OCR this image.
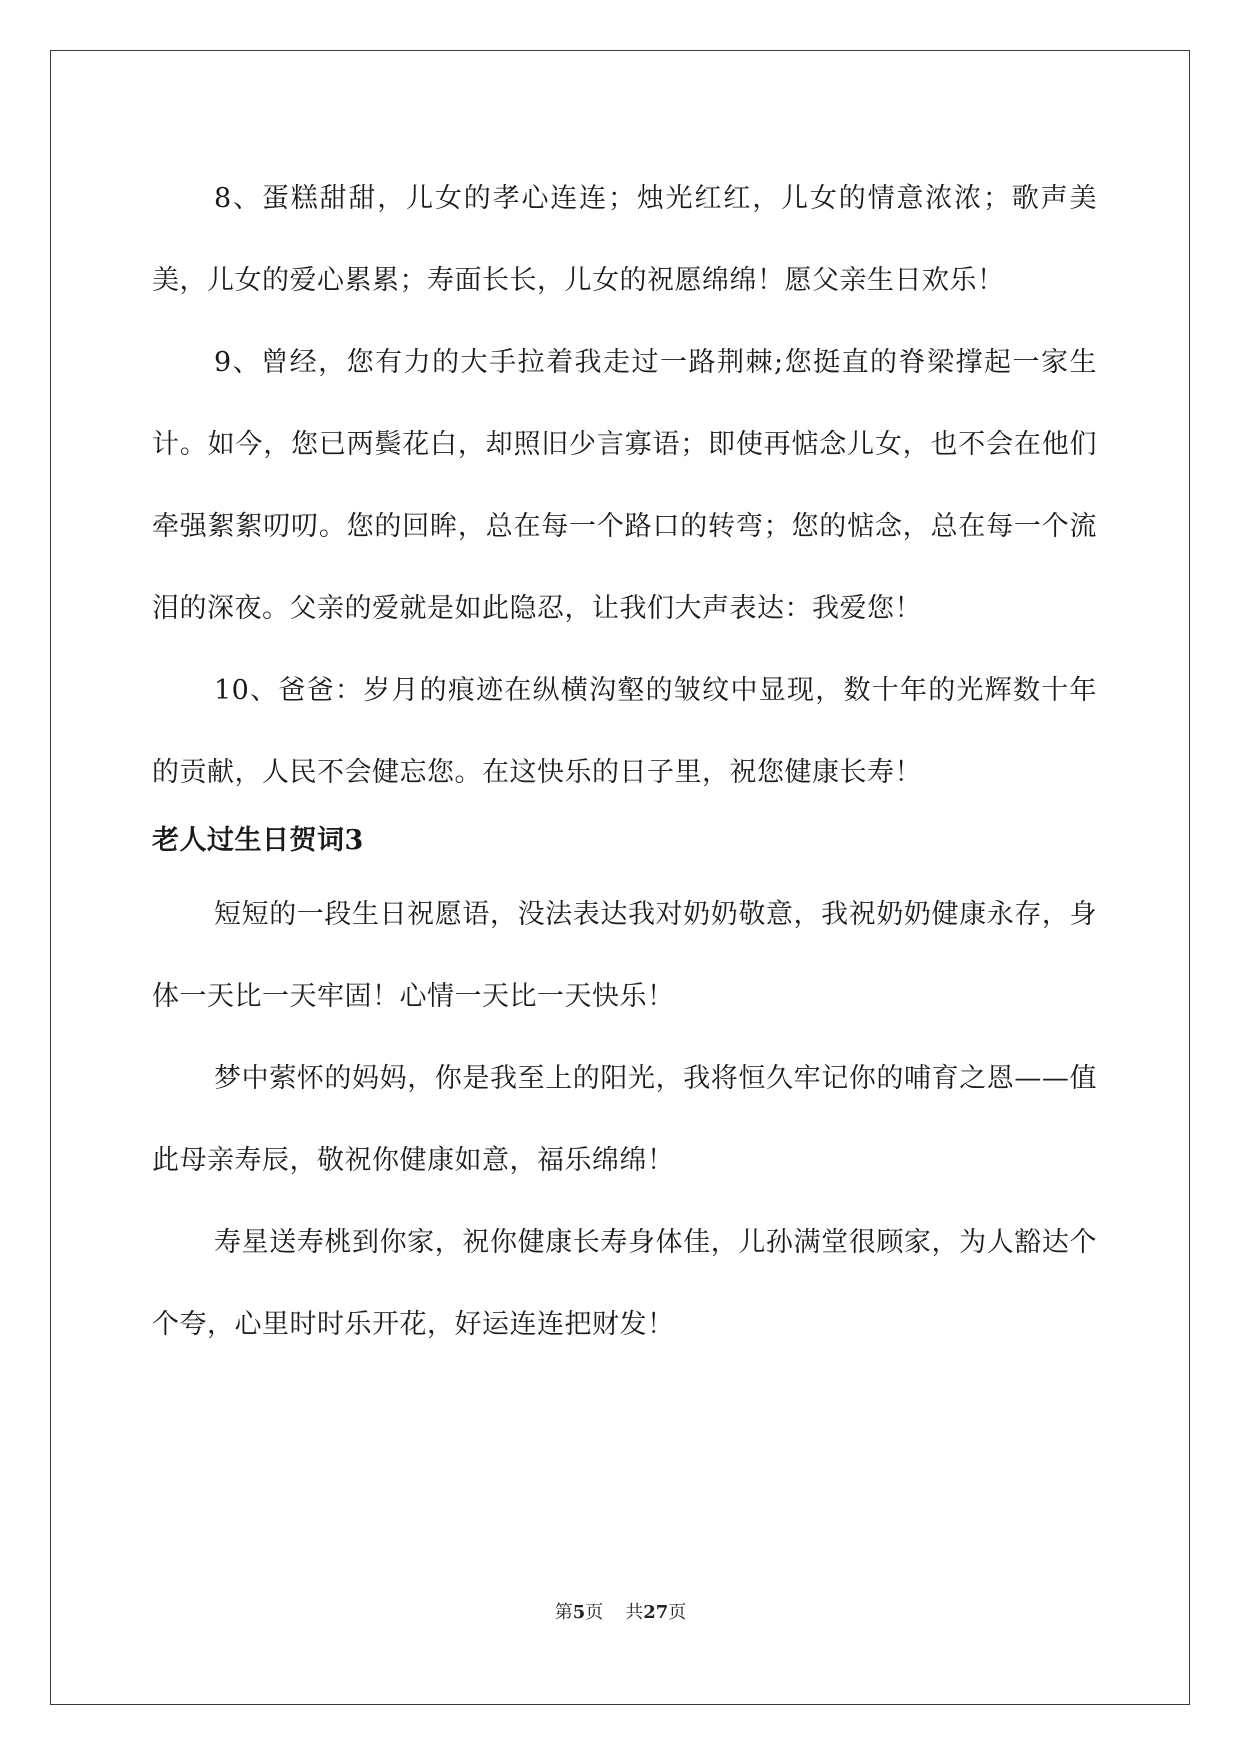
8、蛋糕甜甜，儿女的孝心连连；烛光红红，儿女的情意浓浓；歌声美美，儿女的爱心累累；寿面长长，儿女的祝愿绵绵！愿父亲生日欢乐！

9、曾经，您有力的大手拉着我走过一路荆棘;您挺直的脊梁撑起一家生计。如今，您已两鬓花白，却照旧少言寡语；即使再惦念儿女，也不会在他们牵强絮絮叨叨。您的回眸，总在每一个路口的转弯；您的惦念，总在每一个流泪的深夜。父亲的爱就是如此隐忍，让我们大声表达：我爱您！

10、爸爸：岁月的痕迹在纵横沟壑的皱纹中显现，数十年的光辉数十年的贡献，人民不会健忘您。在这快乐的日子里，祝您健康长寿！

老人过生日贺词3

短短的一段生日祝愿语，没法表达我对奶奶敬意，我祝奶奶健康永存，身体一天比一天牢固！心情一天比一天快乐！

梦中萦怀的妈妈，你是我至上的阳光，我将恒久牢记你的哺育之恩——值此母亲寿辰，敬祝你健康如意，福乐绵绵！

寿星送寿桃到你家，祝你健康长寿身体佳，儿孙满堂很顾家，为人豁达个个夸，心里时时乐开花，好运连连把财发！

第5页 共27页
